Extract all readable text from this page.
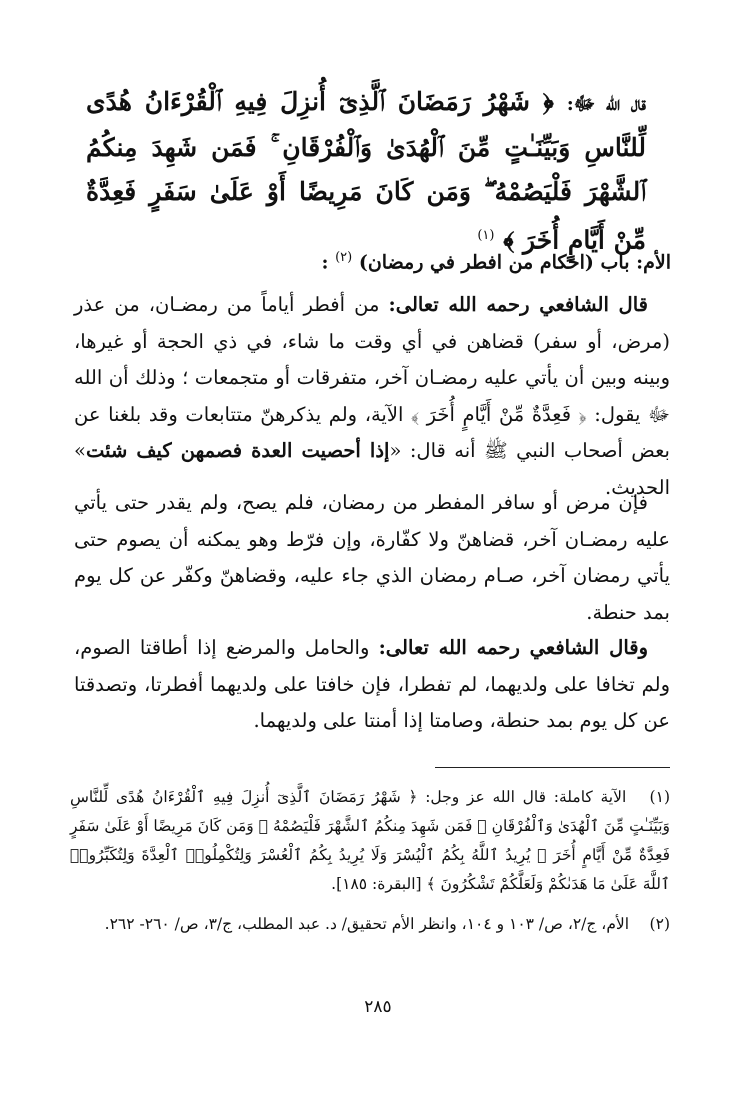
قال الله ﷻ: ﴿ شَهْرُ رَمَضَانَ ٱلَّذِىٓ أُنزِلَ فِيهِ ٱلْقُرْءَانُ هُدًى لِّلنَّاسِ وَبَيِّنَـٰتٍ مِّنَ ٱلْهُدَىٰ وَٱلْفُرْقَانِ ۚ فَمَن شَهِدَ مِنكُمُ ٱلشَّهْرَ فَلْيَصُمْهُ ۖ وَمَن كَانَ مَرِيضًا أَوْ عَلَىٰ سَفَرٍ فَعِدَّةٌ مِّنْ أَيَّامٍ أُخَرَ ﴾ $^{(١)}$
الأم: باب (احكام من افطر في رمضان) $^{(٢)}$ :

قال الشافعي رحمه الله تعالى: من أفطر أياماً من رمضـان، من عذر (مرض، أو سفر) قضاهن في أي وقت ما شاء، في ذي الحجة أو غيرها، وبينه وبين أن يأتي عليه رمضـان آخر، متفرقات أو متجمعات ؛ وذلك أن الله ﷻ يقول: ﴿ فَعِدَّةٌ مِّنْ أَيَّامٍ أُخَرَ ﴾ الآية، ولم يذكرهنّ متتابعات وقد بلغنا عن بعض أصحاب النبي ﷺ أنه قال: «إذا أحصيت العدة فصمهن كيف شئت» الحديث.

فإن مرض أو سافر المفطر من رمضان، فلم يصح، ولم يقدر حتى يأتي عليه رمضـان آخر، قضاهنّ ولا كفّارة، وإن فرّط وهو يمكنه أن يصوم حتى يأتي رمضان آخر، صـام رمضان الذي جاء عليه، وقضاهنّ وكفّر عن كل يوم بمد حنطة.

وقال الشافعي رحمه الله تعالى: والحامل والمرضع إذا أطاقتا الصوم، ولم تخافا على ولديهما، لم تفطرا، فإن خافتا على ولديهما أفطرتا، وتصدقتا عن كل يوم بمد حنطة، وصامتا إذا أمنتا على ولديهما.

(١) الآية كاملة: قال الله عز وجل: ﴿ شَهْرُ رَمَضَانَ ٱلَّذِىٓ أُنزِلَ فِيهِ ٱلْقُرْءَانُ هُدًى لِّلنَّاسِ وَبَيِّنَـٰتٍ مِّنَ ٱلْهُدَىٰ وَٱلْفُرْقَانِ ۚ فَمَن شَهِدَ مِنكُمُ ٱلشَّهْرَ فَلْيَصُمْهُ ۖ وَمَن كَانَ مَرِيضًا أَوْ عَلَىٰ سَفَرٍ فَعِدَّةٌ مِّنْ أَيَّامٍ أُخَرَ ۗ يُرِيدُ ٱللَّهُ بِكُمُ ٱلْيُسْرَ وَلَا يُرِيدُ بِكُمُ ٱلْعُسْرَ وَلِتُكْمِلُوا۟ ٱلْعِدَّةَ وَلِتُكَبِّرُوا۟ ٱللَّهَ عَلَىٰ مَا هَدَىٰكُمْ وَلَعَلَّكُمْ تَشْكُرُونَ ﴾ [البقرة: ١٨٥].
(٢) الأم، ج/٢، ص/ ١٠٣ و ١٠٤، وانظر الأم تحقيق/ د. عبد المطلب، ج/٣، ص/ ٢٦٠- ٢٦٢.
٢٨٥
